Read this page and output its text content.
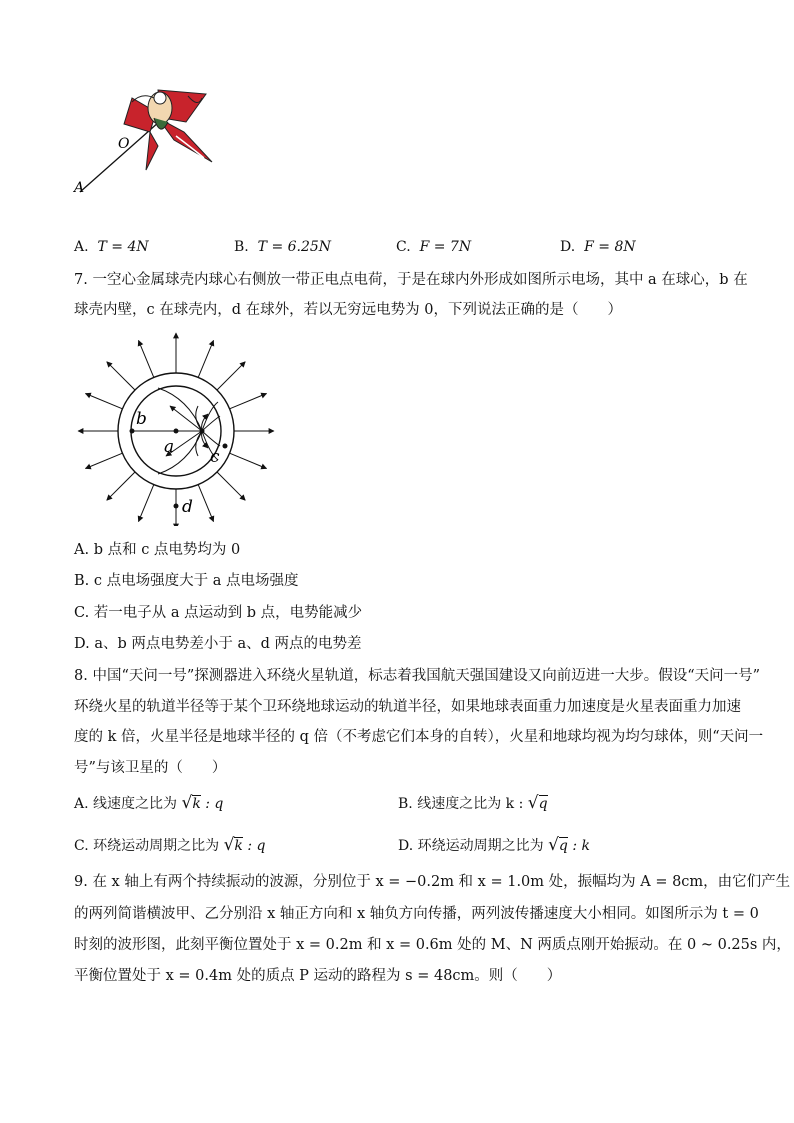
O
A
A. T = 4N	B. T = 6.25N	C. F = 7N	D. F = 8N
7. 一空心金属球壳内球心右侧放一带正电点电荷，于是在球内外形成如图所示电场，其中 a 在球心，b 在
球壳内壁，c 在球壳内，d 在球外，若以无穷远电势为 0，下列说法正确的是（　　）
a
b
c
d
A. b 点和 c 点电势均为 0
B. c 点电场强度大于 a 点电场强度
C. 若一电子从 a 点运动到 b 点，电势能减少
D. a、b 两点电势差小于 a、d 两点的电势差
8. 中国“天问一号”探测器进入环绕火星轨道，标志着我国航天强国建设又向前迈进一大步。假设“天问一号”
环绕火星的轨道半径等于某个卫环绕地球运动的轨道半径，如果地球表面重力加速度是火星表面重力加速
度的 k 倍，火星半径是地球半径的 q 倍（不考虑它们本身的自转），火星和地球均视为均匀球体，则“天问一
号”与该卫星的（　　）
A. 线速度之比为 √k : q	B. 线速度之比为 k : √q
C. 环绕运动周期之比为 √k : q	D. 环绕运动周期之比为 √q : k
9. 在 x 轴上有两个持续振动的波源，分别位于 x = −0.2m 和 x = 1.0m 处，振幅均为 A = 8cm，由它们产生
的两列简谐横波甲、乙分别沿 x 轴正方向和 x 轴负方向传播，两列波传播速度大小相同。如图所示为 t = 0
时刻的波形图，此刻平衡位置处于 x = 0.2m 和 x = 0.6m 处的 M、N 两质点刚开始振动。在 0 ~ 0.25s 内，
平衡位置处于 x = 0.4m 处的质点 P 运动的路程为 s = 48cm。则（　　）
